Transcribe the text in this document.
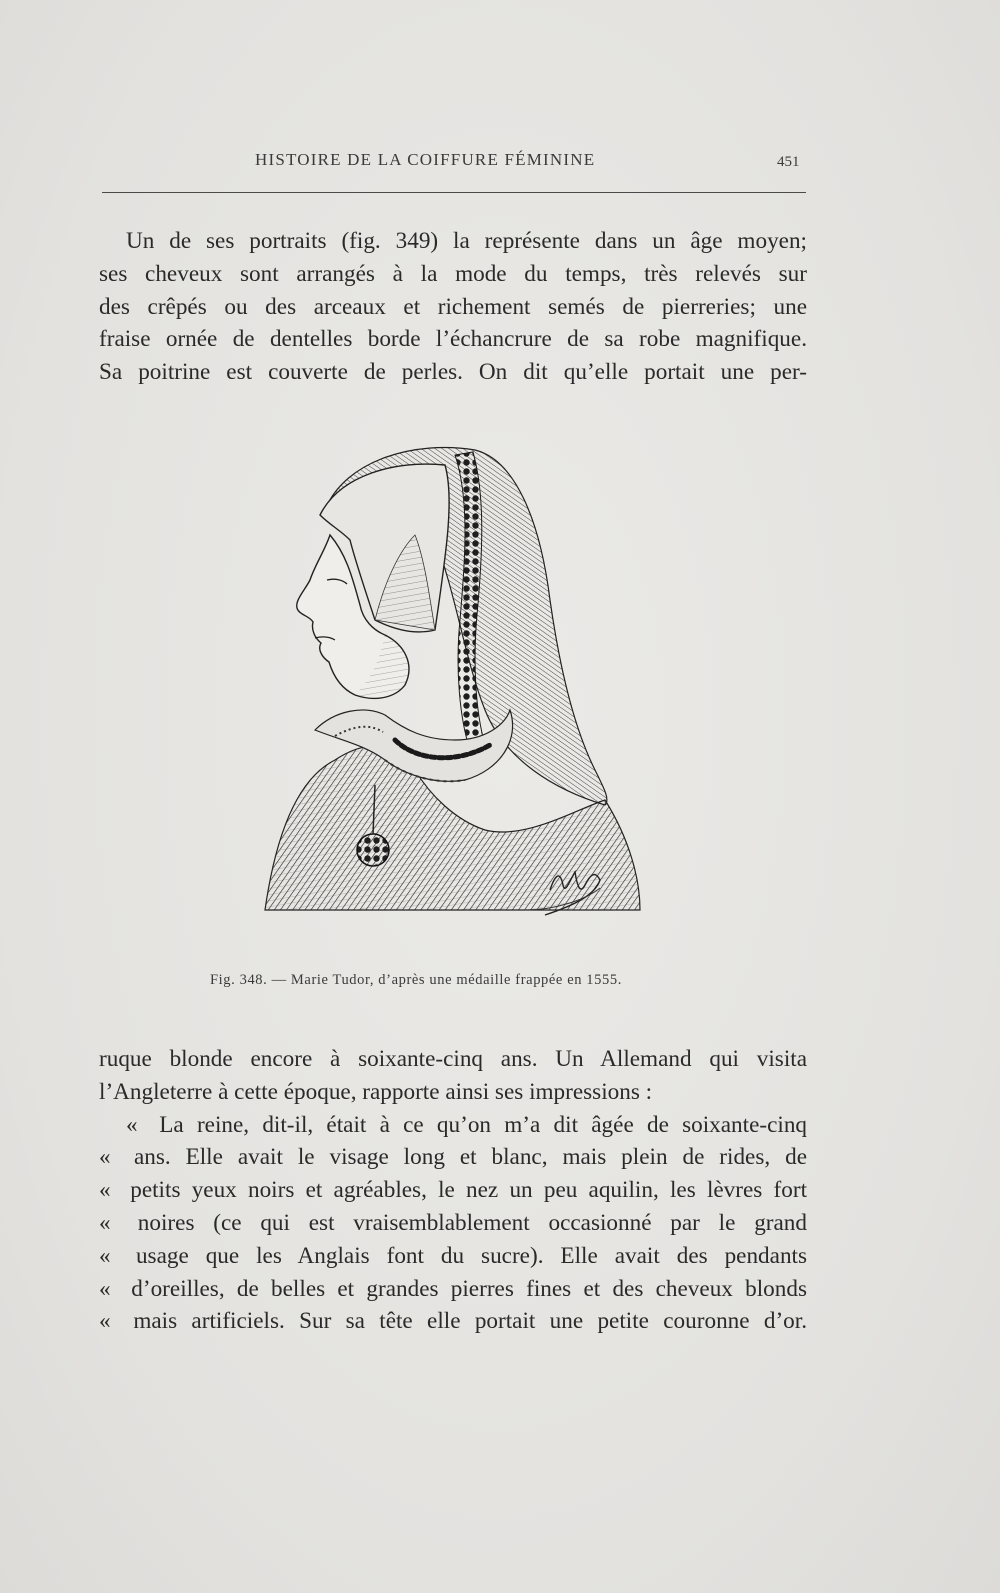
HISTOIRE DE LA COIFFURE FÉMININE	451
Un de ses portraits (fig. 349) la représente dans un âge moyen;
ses cheveux sont arrangés à la mode du temps, très relevés sur
des crêpés ou des arceaux et richement semés de pierreries; une
fraise ornée de dentelles borde l’échancrure de sa robe magnifique.
Sa poitrine est couverte de perles. On dit qu’elle portait une per-
Fig. 348. — Marie Tudor, d’après une médaille frappée en 1555.
ruque blonde encore à soixante-cinq ans. Un Allemand qui visita
l’Angleterre à cette époque, rapporte ainsi ses impressions :
« La reine, dit-il, était à ce qu’on m’a dit âgée de soixante-cinq
« ans. Elle avait le visage long et blanc, mais plein de rides, de
« petits yeux noirs et agréables, le nez un peu aquilin, les lèvres fort
« noires (ce qui est vraisemblablement occasionné par le grand
« usage que les Anglais font du sucre). Elle avait des pendants
« d’oreilles, de belles et grandes pierres fines et des cheveux blonds
« mais artificiels. Sur sa tête elle portait une petite couronne d’or.
